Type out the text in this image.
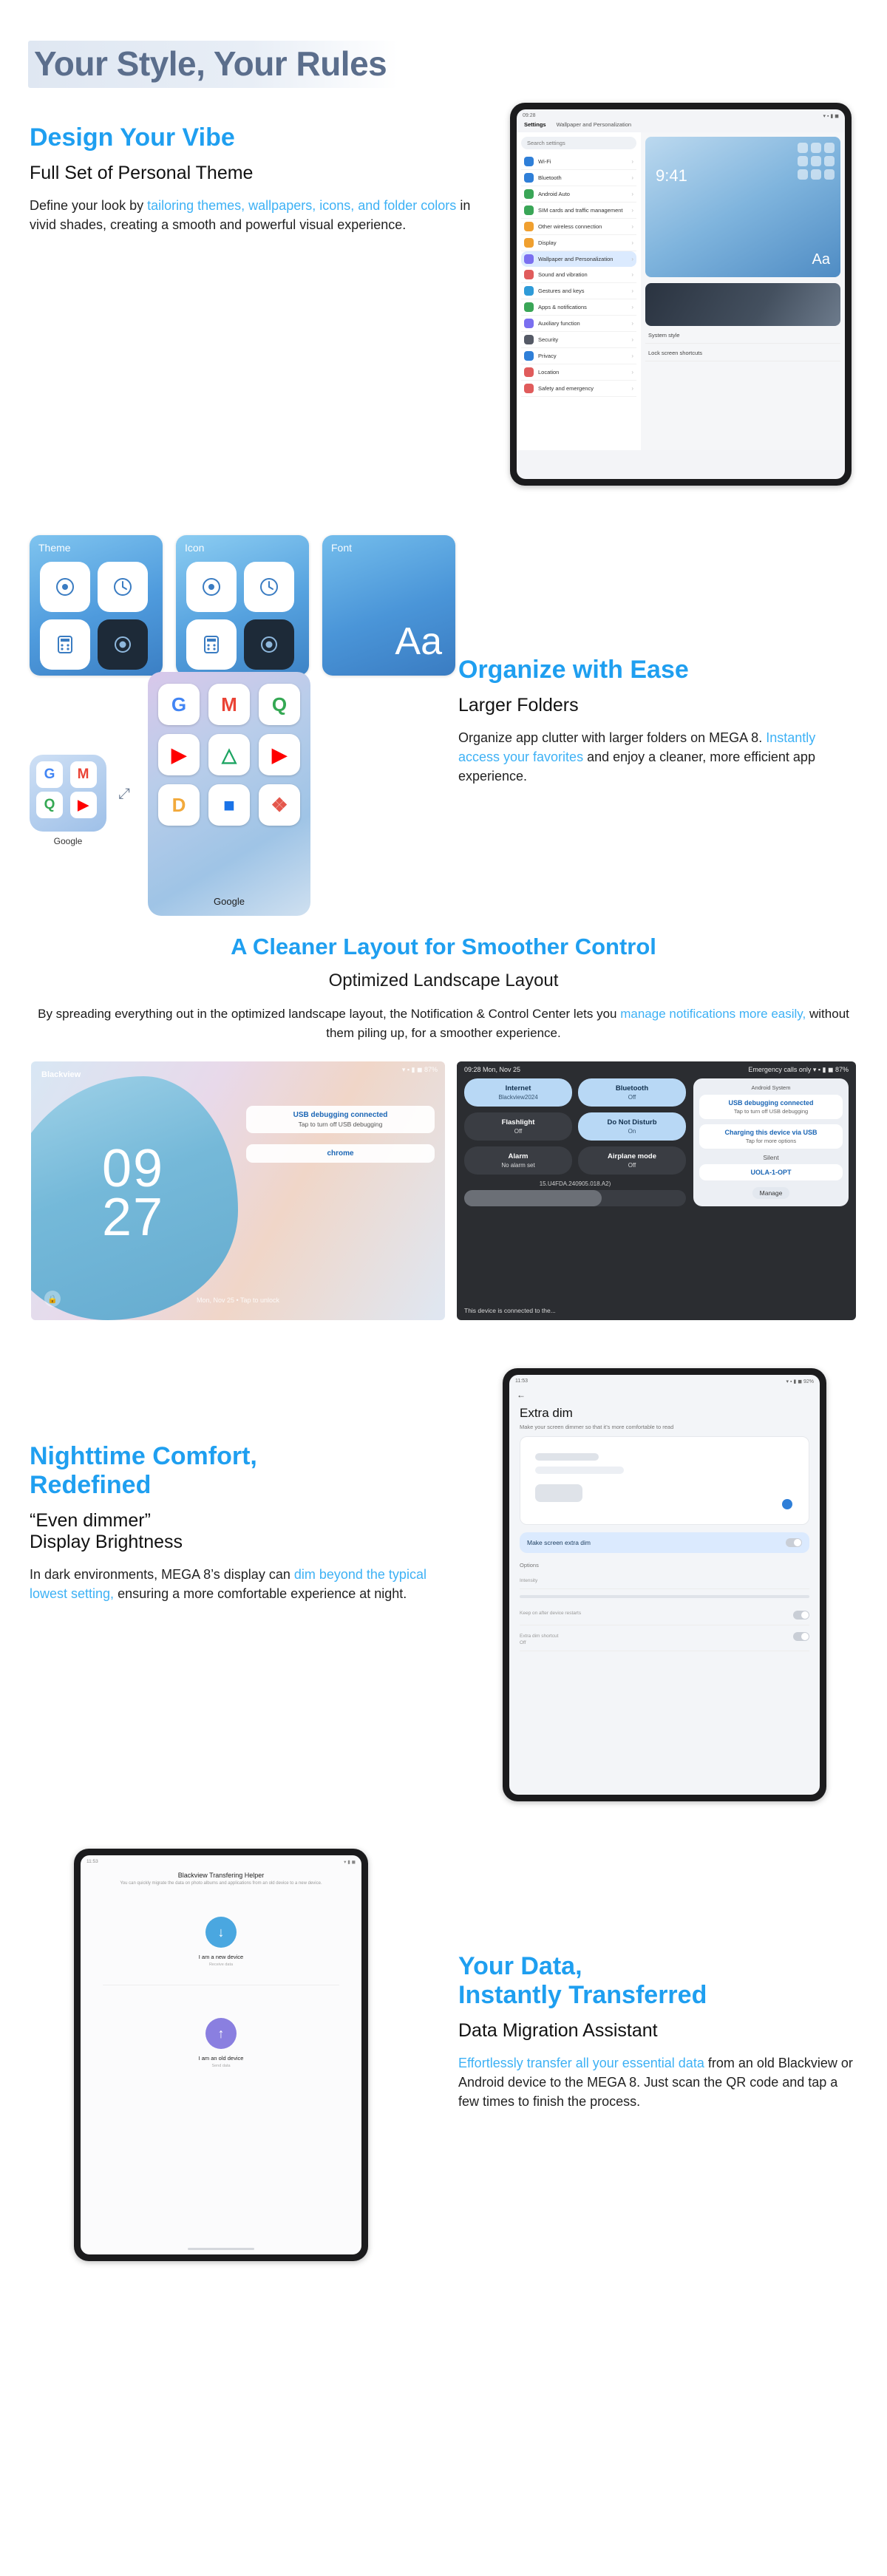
Your Style, Your Rules
Design Your Vibe
Full Set of Personal Theme

Define your look by tailoring themes, wallpapers, icons, and folder colors in vivid shades, creating a smooth and powerful visual experience.

Theme	Icon	Font
Aa
09:28	▾ ▪ ▮ ◼
Settings Wallpaper and Personalization
Search settings
Wi-Fi	›
Bluetooth	›
Android Auto	›
SIM cards and traffic management ›
Other wireless connection	›
Display	›
Wallpaper and Personalization	›
Sound and vibration	›
Gestures and keys	›
Apps & notifications	›
Auxiliary function	›
Security	›
Privacy	›
Location	›
Safety and emergency	›
9:41
Aa
System style
Lock screen shortcuts
G	M
Q	▶
Google
⤢
G	M	Q
▶	△	▶
D	■	❖
Google
Organize with Ease
Larger Folders

Organize app clutter with larger folders on MEGA 8. Instantly access your favorites and enjoy a cleaner, more efficient app experience.

A Cleaner Layout for Smoother Control
Optimized Landscape Layout

By spreading everything out in the optimized landscape layout, the Notification & Control Center lets you manage notifications more easily, without them piling up, for a smoother experience.

Blackview
▾ ▪ ▮ ◼ 87%
09
27
USB debugging connected
Tap to turn off USB debugging
chrome
Mon, Nov 25 • Tap to unlock
🔒
09:28 Mon, Nov 25	Emergency calls only ▾ ▪ ▮ ◼ 87%
Internet
Blackview2024
Bluetooth
Off
Flashlight
Off
Do Not Disturb
On
Alarm
No alarm set
Airplane mode
Off
15.U4FDA.240905.018.A2)
Android System
USB debugging connected
Tap to turn off USB debugging
Charging this device via USB
Tap for more options
Silent
UOLA-1-OPT
Manage
This device is connected to the...
Nighttime Comfort,
Redefined
“Even dimmer”
Display Brightness

In dark environments, MEGA 8’s display can dim beyond the typical lowest setting, ensuring a more comfortable experience at night.

11:53	▾ ▪ ▮ ◼ 92%
←
Extra dim
Make your screen dimmer so that it’s more comfortable to read
Make screen extra dim
Options
Intensity
Keep on after device restarts
Extra dim shortcut
Off
11:53	▾ ▮ ◼
Blackview Transfering Helper
You can quickly migrate the data on photo albums and applications from an old device to a new device.
↓
I am a new device
Receive data
↑
I am an old device
Send data
Your Data,
Instantly Transferred
Data Migration Assistant

Effortlessly transfer all your essential data from an old Blackview or Android device to the MEGA 8. Just scan the QR code and tap a few times to finish the process.
